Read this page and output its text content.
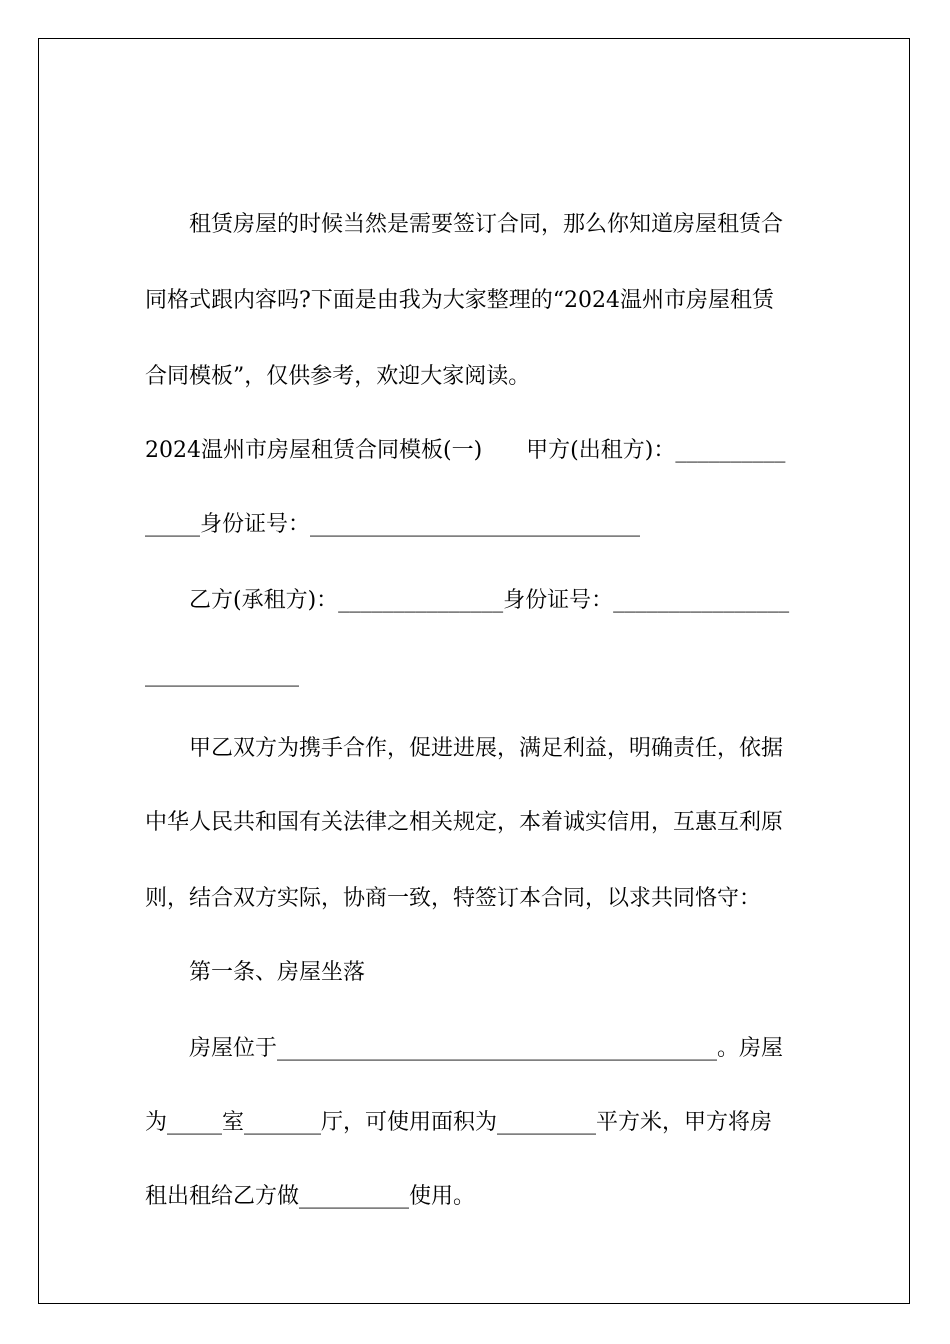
租赁房屋的时候当然是需要签订合同，那么你知道房屋租赁合
同格式跟内容吗?下面是由我为大家整理的“2024温州市房屋租赁
合同模板”，仅供参考，欢迎大家阅读。
2024温州市房屋租赁合同模板(一)　　甲方(出租方)：__________
_____身份证号：______________________________
乙方(承租方)：_______________身份证号：________________
______________
甲乙双方为携手合作，促进进展，满足利益，明确责任，依据
中华人民共和国有关法律之相关规定，本着诚实信用，互惠互利原
则，结合双方实际，协商一致，特签订本合同，以求共同恪守：
第一条、房屋坐落
房屋位于________________________________________。房屋
为_____室_______厅，可使用面积为_________平方米，甲方将房
租出租给乙方做__________使用。
